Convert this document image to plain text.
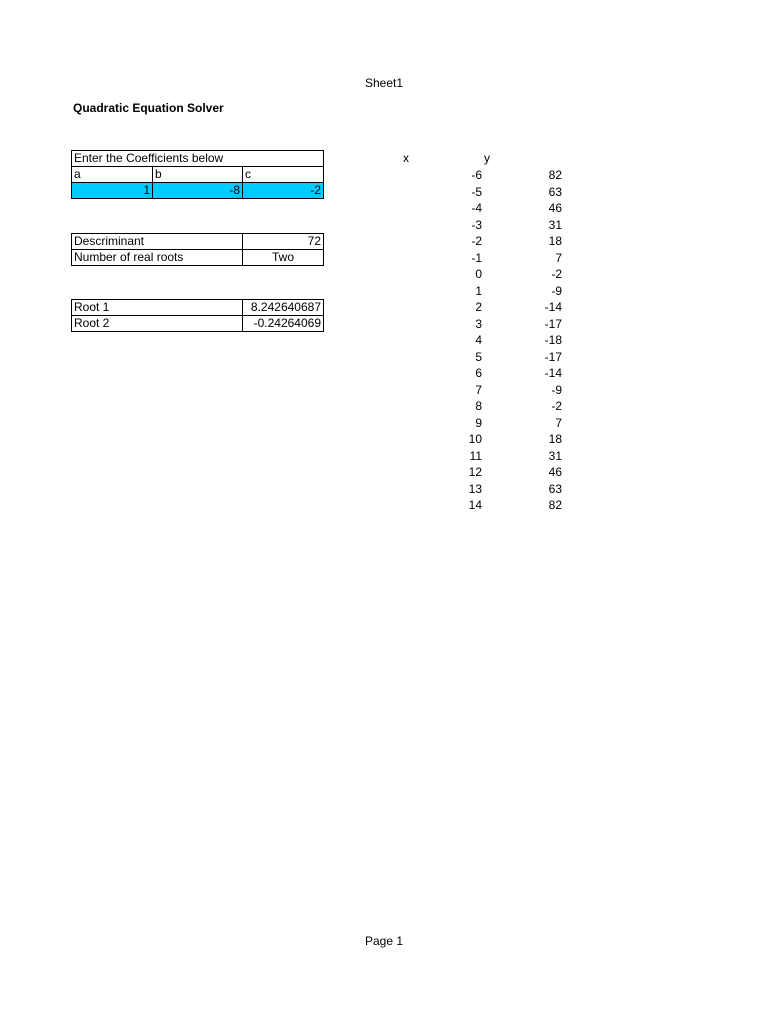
Sheet1
Quadratic Equation Solver
Enter the Coefficients below		
a	b	c
1	-8	-2
Descriminant	72
Number of real roots	Two
Root 1	8.242640687
Root 2	-0.24264069
x	y
-6	82
-5	63
-4	46
-3	31
-2	18
-1	7
0	-2
1	-9
2	-14
3	-17
4	-18
5	-17
6	-14
7	-9
8	-2
9	7
10	18
11	31
12	46
13	63
14	82
Page 1
